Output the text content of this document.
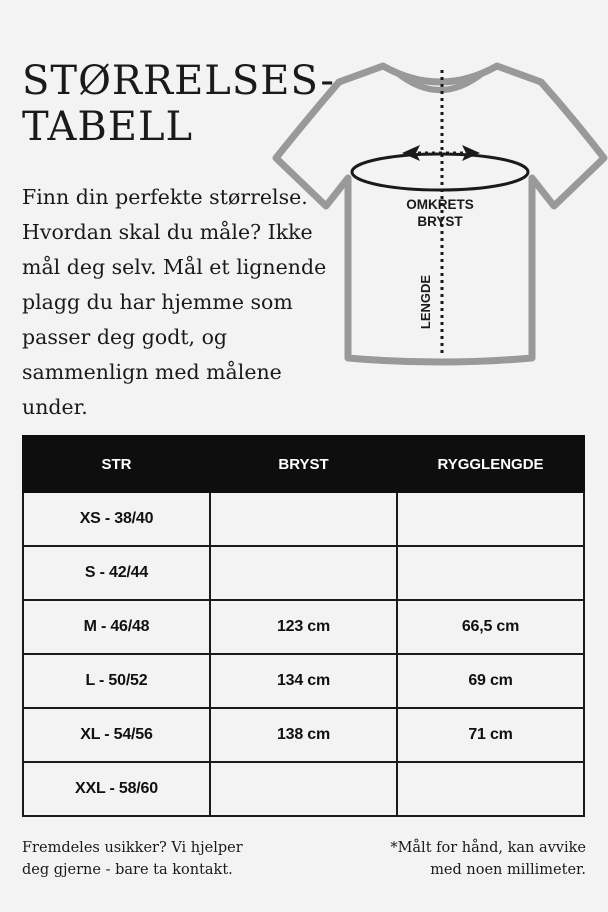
STØRRELSES-
TABELL

Finn din perfekte størrelse. Hvordan skal du måle? Ikke mål deg selv. Mål et lignende plagg du har hjemme som passer deg godt, og sammenlign med målene under.

OMKRETS
BRYST
LENGDE
STR	BRYST	RYGGLENGDE
XS - 38/40		
S - 42/44		
M - 46/48	123 cm	66,5 cm
L - 50/52	134 cm	69 cm
XL - 54/56	138 cm	71 cm
XXL - 58/60		

Fremdeles usikker? Vi hjelper
deg gjerne - bare ta kontakt.

*Målt for hånd, kan avvike
med noen millimeter.
